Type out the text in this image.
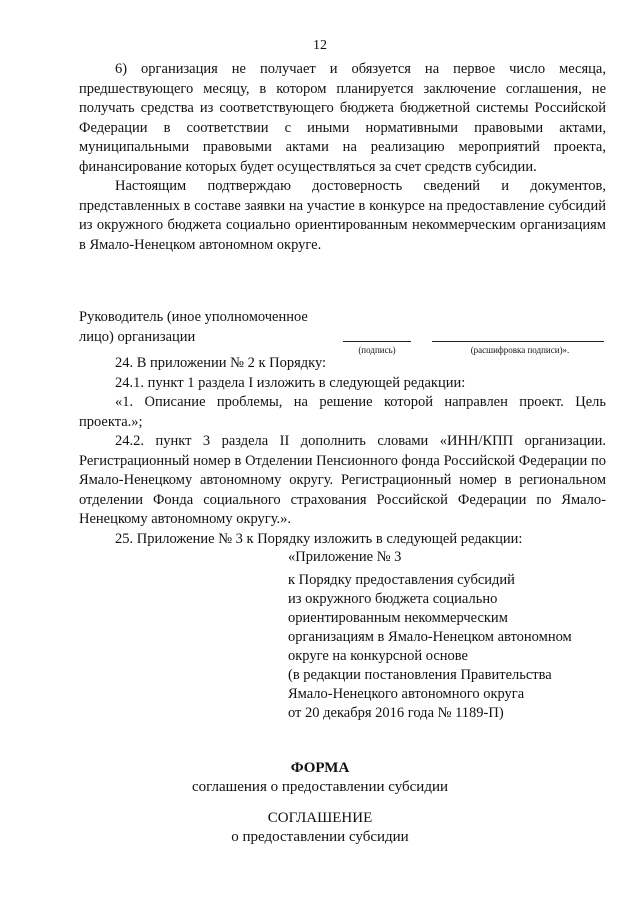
12

6) организация не получает и обязуется на первое число месяца, предшествующего месяцу, в котором планируется заключение соглашения, не получать средства из соответствующего бюджета бюджетной системы Российской Федерации в соответствии с иными нормативными правовыми актами, муниципальными правовыми актами на реализацию мероприятий проекта, финансирование которых будет осуществляться за счет средств субсидии.

Настоящим подтверждаю достоверность сведений и документов, представленных в составе заявки на участие в конкурсе на предоставление субсидий из окружного бюджета социально ориентированным некоммерческим организациям в Ямало-Ненецком автономном округе.

Руководитель (иное уполномоченное лицо) организации
(подпись)	(расшифровка подписи)».

24. В приложении № 2 к Порядку:

24.1. пункт 1 раздела I изложить в следующей редакции:

«1. Описание проблемы, на решение которой направлен проект. Цель проекта.»;

24.2. пункт 3 раздела II дополнить словами «ИНН/КПП организации. Регистрационный номер в Отделении Пенсионного фонда Российской Федерации по Ямало-Ненецкому автономному округу. Регистрационный номер в региональном отделении Фонда социального страхования Российской Федерации по Ямало-Ненецкому автономному округу.».

25. Приложение № 3 к Порядку изложить в следующей редакции:

«Приложение № 3
к Порядку предоставления субсидий
из окружного бюджета социально
ориентированным некоммерческим
организациям в Ямало-Ненецком автономном
округе на конкурсной основе
(в редакции постановления Правительства
Ямало-Ненецкого автономного округа
от 20 декабря 2016 года № 1189-П)
ФОРМА
соглашения о предоставлении субсидии
СОГЛАШЕНИЕ
о предоставлении субсидии
